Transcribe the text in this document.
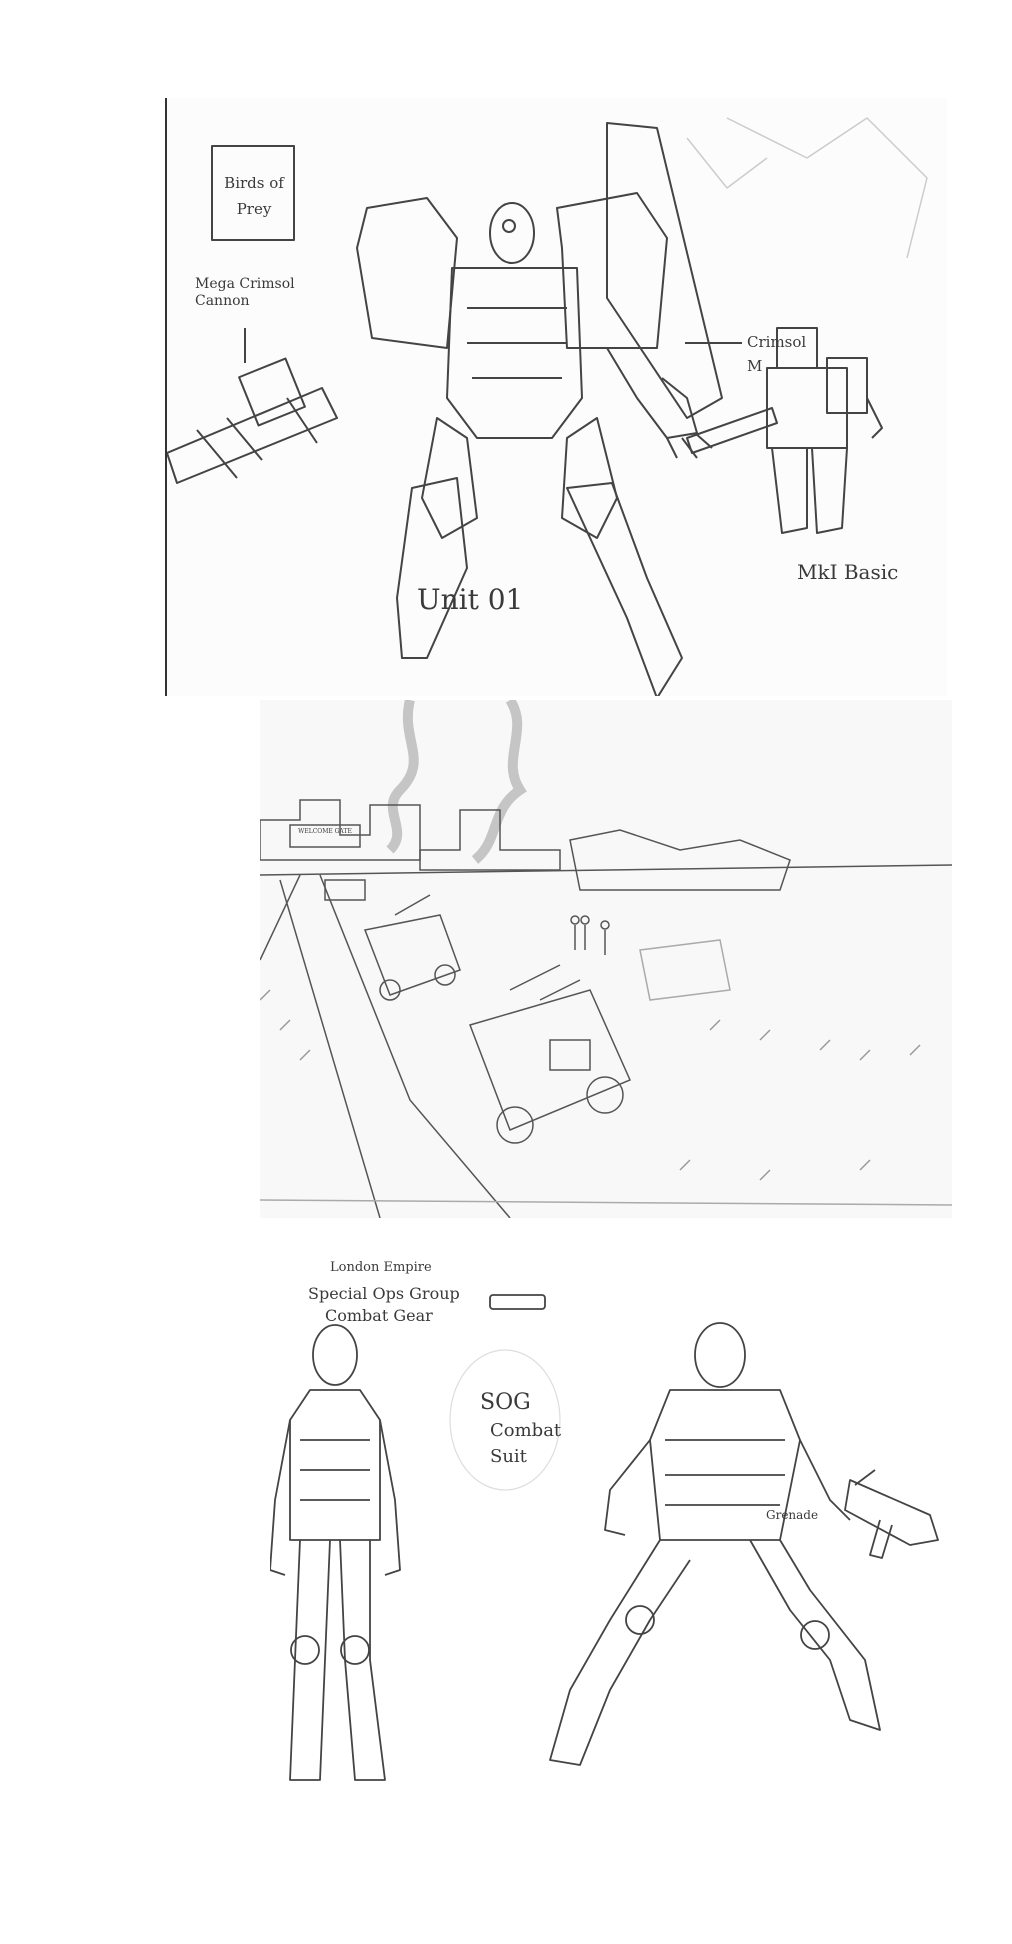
Birds of Prey
Mega Crimsol Cannon
Crimsol M
Unit 01
MkI Basic
WELCOME GATE
London Empire
Special Ops Group
Combat Gear
SOG
Combat
Suit
Grenade
